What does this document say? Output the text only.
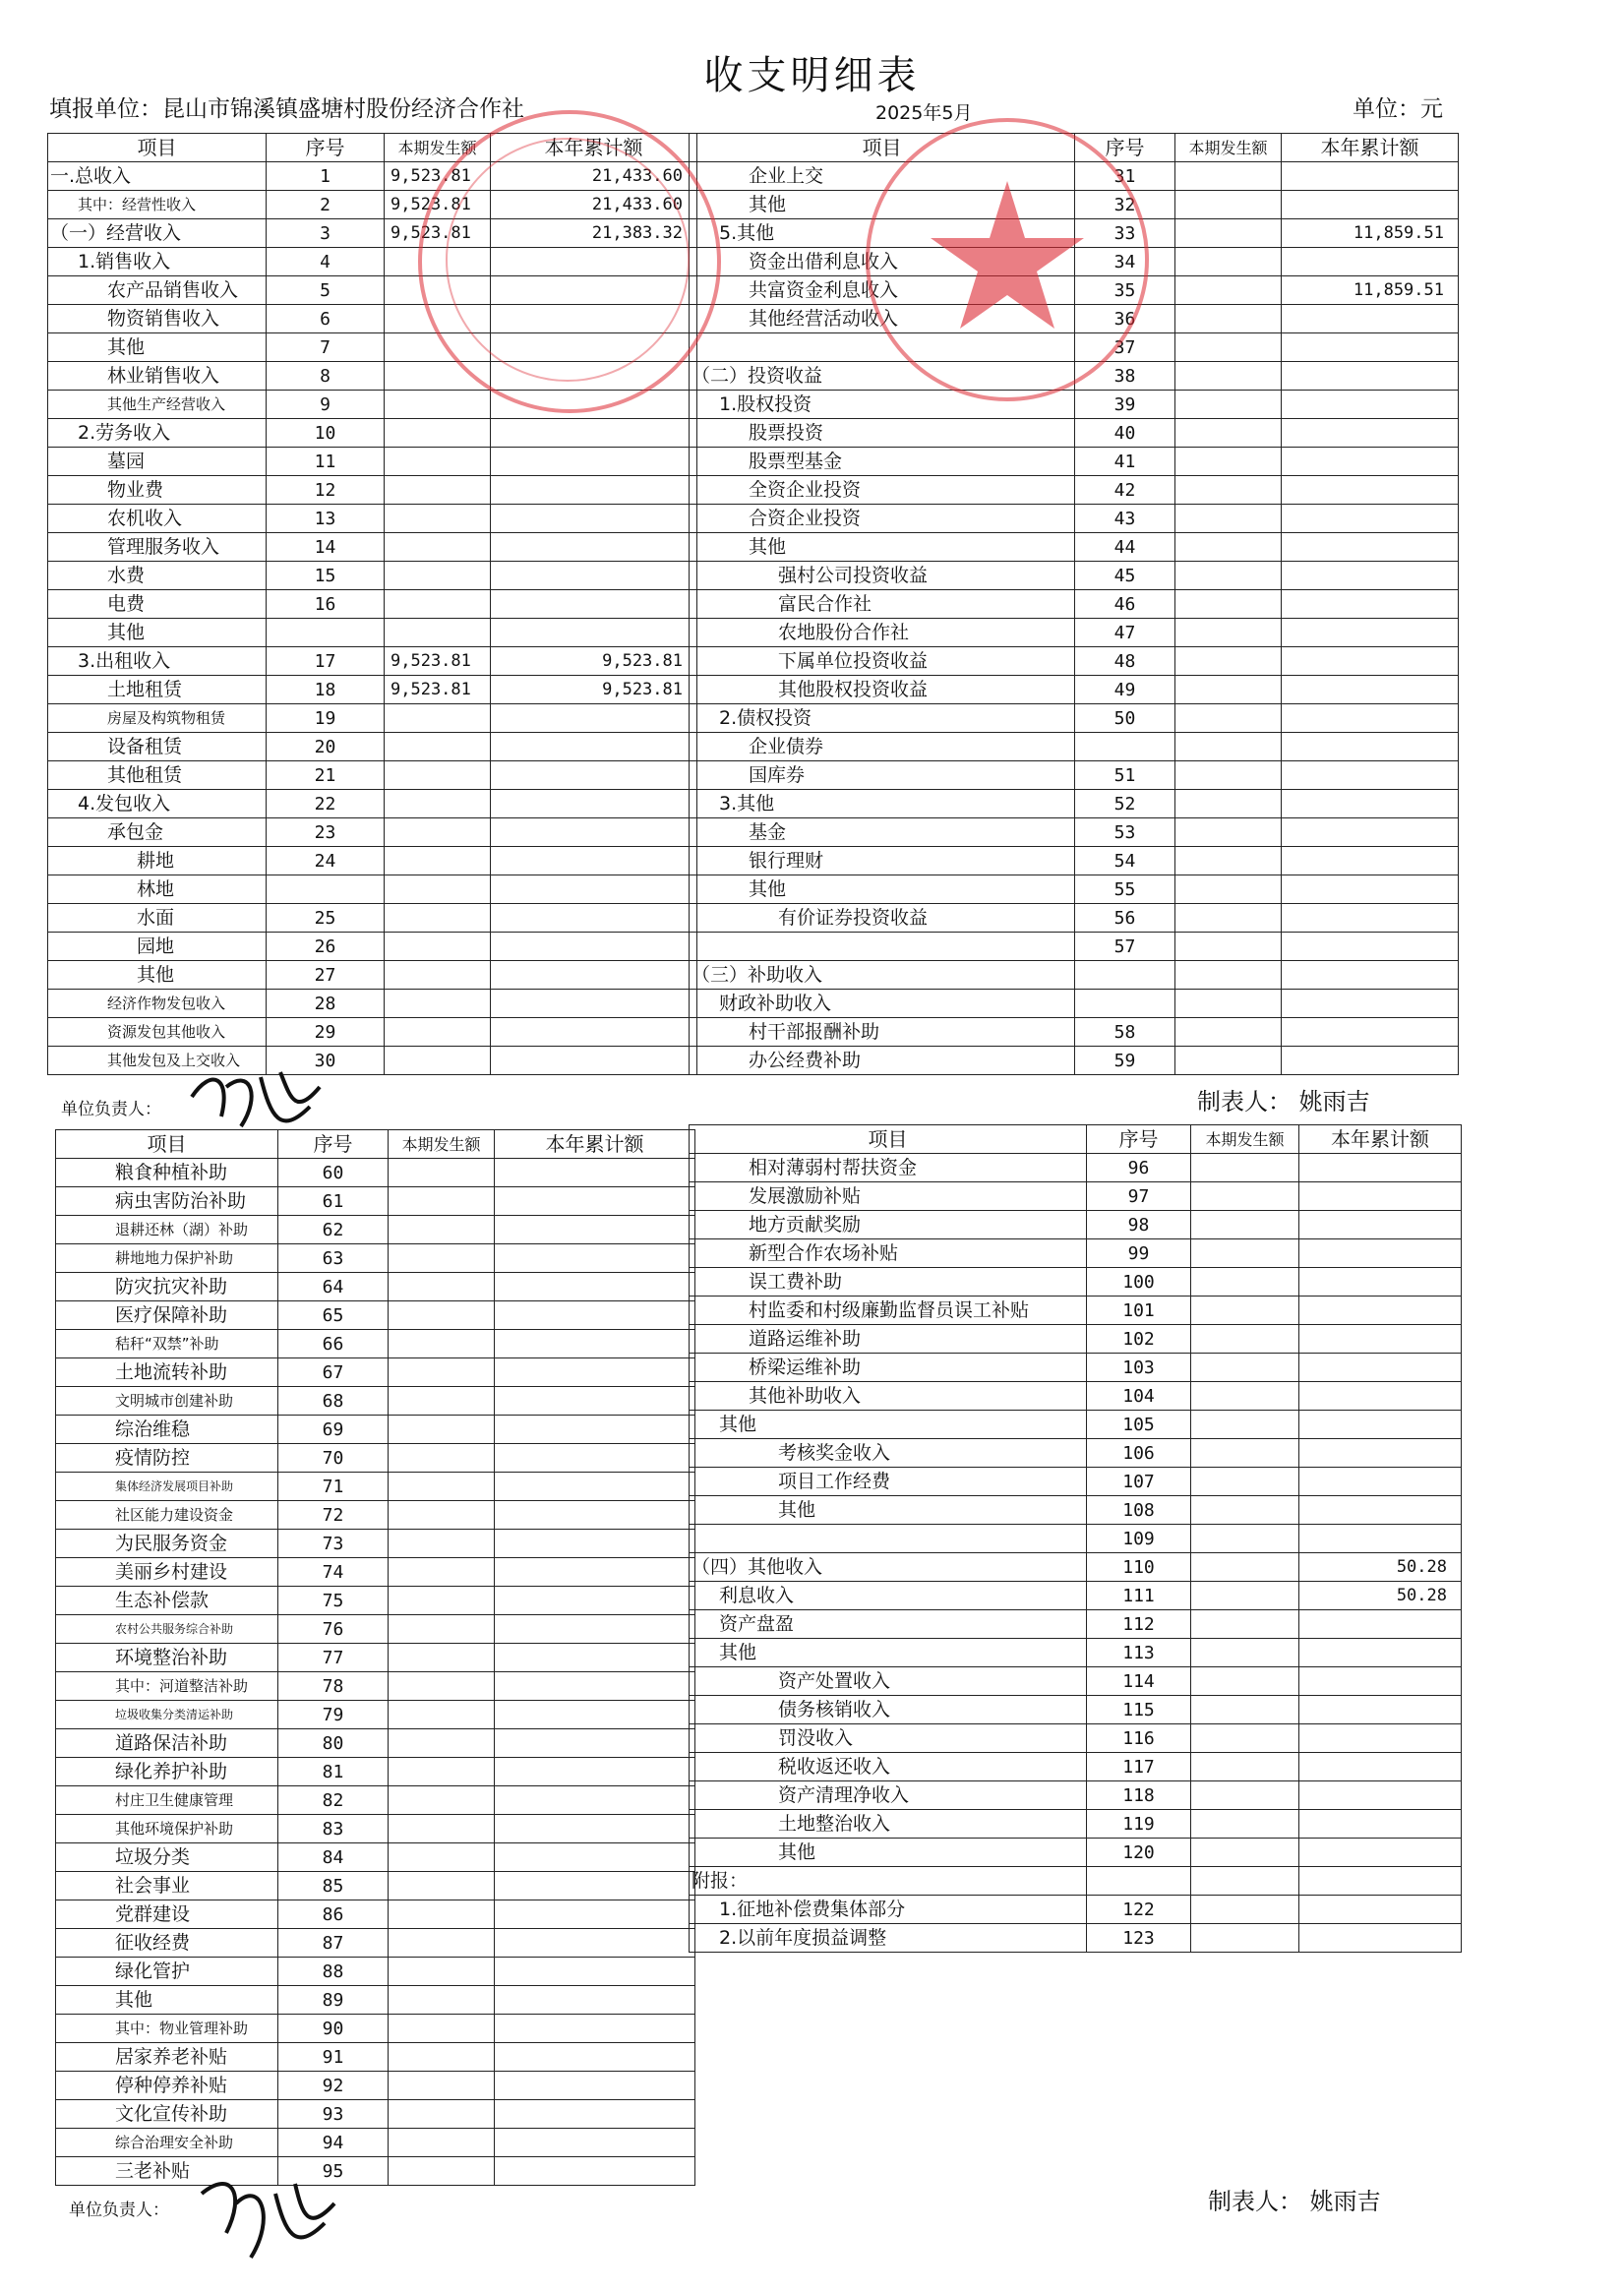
收支明细表
填报单位：昆山市锦溪镇盛塘村股份经济合作社	2025年5月	单位：元
项目	序号	本期发生额	本年累计额
一.总收入	1	9,523.81	21,433.60
其中：经营性收入	2	9,523.81	21,433.60
（一）经营收入	3	9,523.81	21,383.32
1.销售收入	4		
农产品销售收入	5		
物资销售收入	6		
其他	7		
林业销售收入	8		
其他生产经营收入	9		
2.劳务收入	10		
墓园	11		
物业费	12		
农机收入	13		
管理服务收入	14		
水费	15		
电费	16		
其他			
3.出租收入	17	9,523.81	9,523.81
土地租赁	18	9,523.81	9,523.81
房屋及构筑物租赁	19		
设备租赁	20		
其他租赁	21		
4.发包收入	22		
承包金	23		
耕地	24		
林地			
水面	25		
园地	26		
其他	27		
经济作物发包收入	28		
资源发包其他收入	29		
其他发包及上交收入	30		
项目	序号	本期发生额	本年累计额
企业上交	31		
其他	32		
5.其他	33		11,859.51
资金出借利息收入	34		
共富资金利息收入	35		11,859.51
其他经营活动收入	36		
	37		
（二）投资收益	38		
1.股权投资	39		
股票投资	40		
股票型基金	41		
全资企业投资	42		
合资企业投资	43		
其他	44		
强村公司投资收益	45		
富民合作社	46		
农地股份合作社	47		
下属单位投资收益	48		
其他股权投资收益	49		
2.债权投资	50		
企业债券			
国库券	51		
3.其他	52		
基金	53		
银行理财	54		
其他	55		
有价证券投资收益	56		
	57		
（三）补助收入			
财政补助收入			
村干部报酬补助	58		
办公经费补助	59		
单位负责人：	制表人： 姚雨吉
项目	序号	本期发生额	本年累计额
粮食种植补助	60		
病虫害防治补助	61		
退耕还林（湖）补助	62		
耕地地力保护补助	63		
防灾抗灾补助	64		
医疗保障补助	65		
秸秆“双禁”补助	66		
土地流转补助	67		
文明城市创建补助	68		
综治维稳	69		
疫情防控	70		
集体经济发展项目补助	71		
社区能力建设资金	72		
为民服务资金	73		
美丽乡村建设	74		
生态补偿款	75		
农村公共服务综合补助	76		
环境整治补助	77		
其中：河道整洁补助	78		
垃圾收集分类清运补助	79		
道路保洁补助	80		
绿化养护补助	81		
村庄卫生健康管理	82		
其他环境保护补助	83		
垃圾分类	84		
社会事业	85		
党群建设	86		
征收经费	87		
绿化管护	88		
其他	89		
其中：物业管理补助	90		
居家养老补贴	91		
停种停养补贴	92		
文化宣传补助	93		
综合治理安全补助	94		
三老补贴	95		
项目	序号	本期发生额	本年累计额
相对薄弱村帮扶资金	96		
发展激励补贴	97		
地方贡献奖励	98		
新型合作农场补贴	99		
误工费补助	100		
村监委和村级廉勤监督员误工补贴	101		
道路运维补助	102		
桥梁运维补助	103		
其他补助收入	104		
其他	105		
考核奖金收入	106		
项目工作经费	107		
其他	108		
	109		
（四）其他收入	110		50.28
利息收入	111		50.28
资产盘盈	112		
其他	113		
资产处置收入	114		
债务核销收入	115		
罚没收入	116		
税收返还收入	117		
资产清理净收入	118		
土地整治收入	119		
其他	120		
附报：			
1.征地补偿费集体部分	122		
2.以前年度损益调整	123		
单位负责人：	制表人： 姚雨吉
